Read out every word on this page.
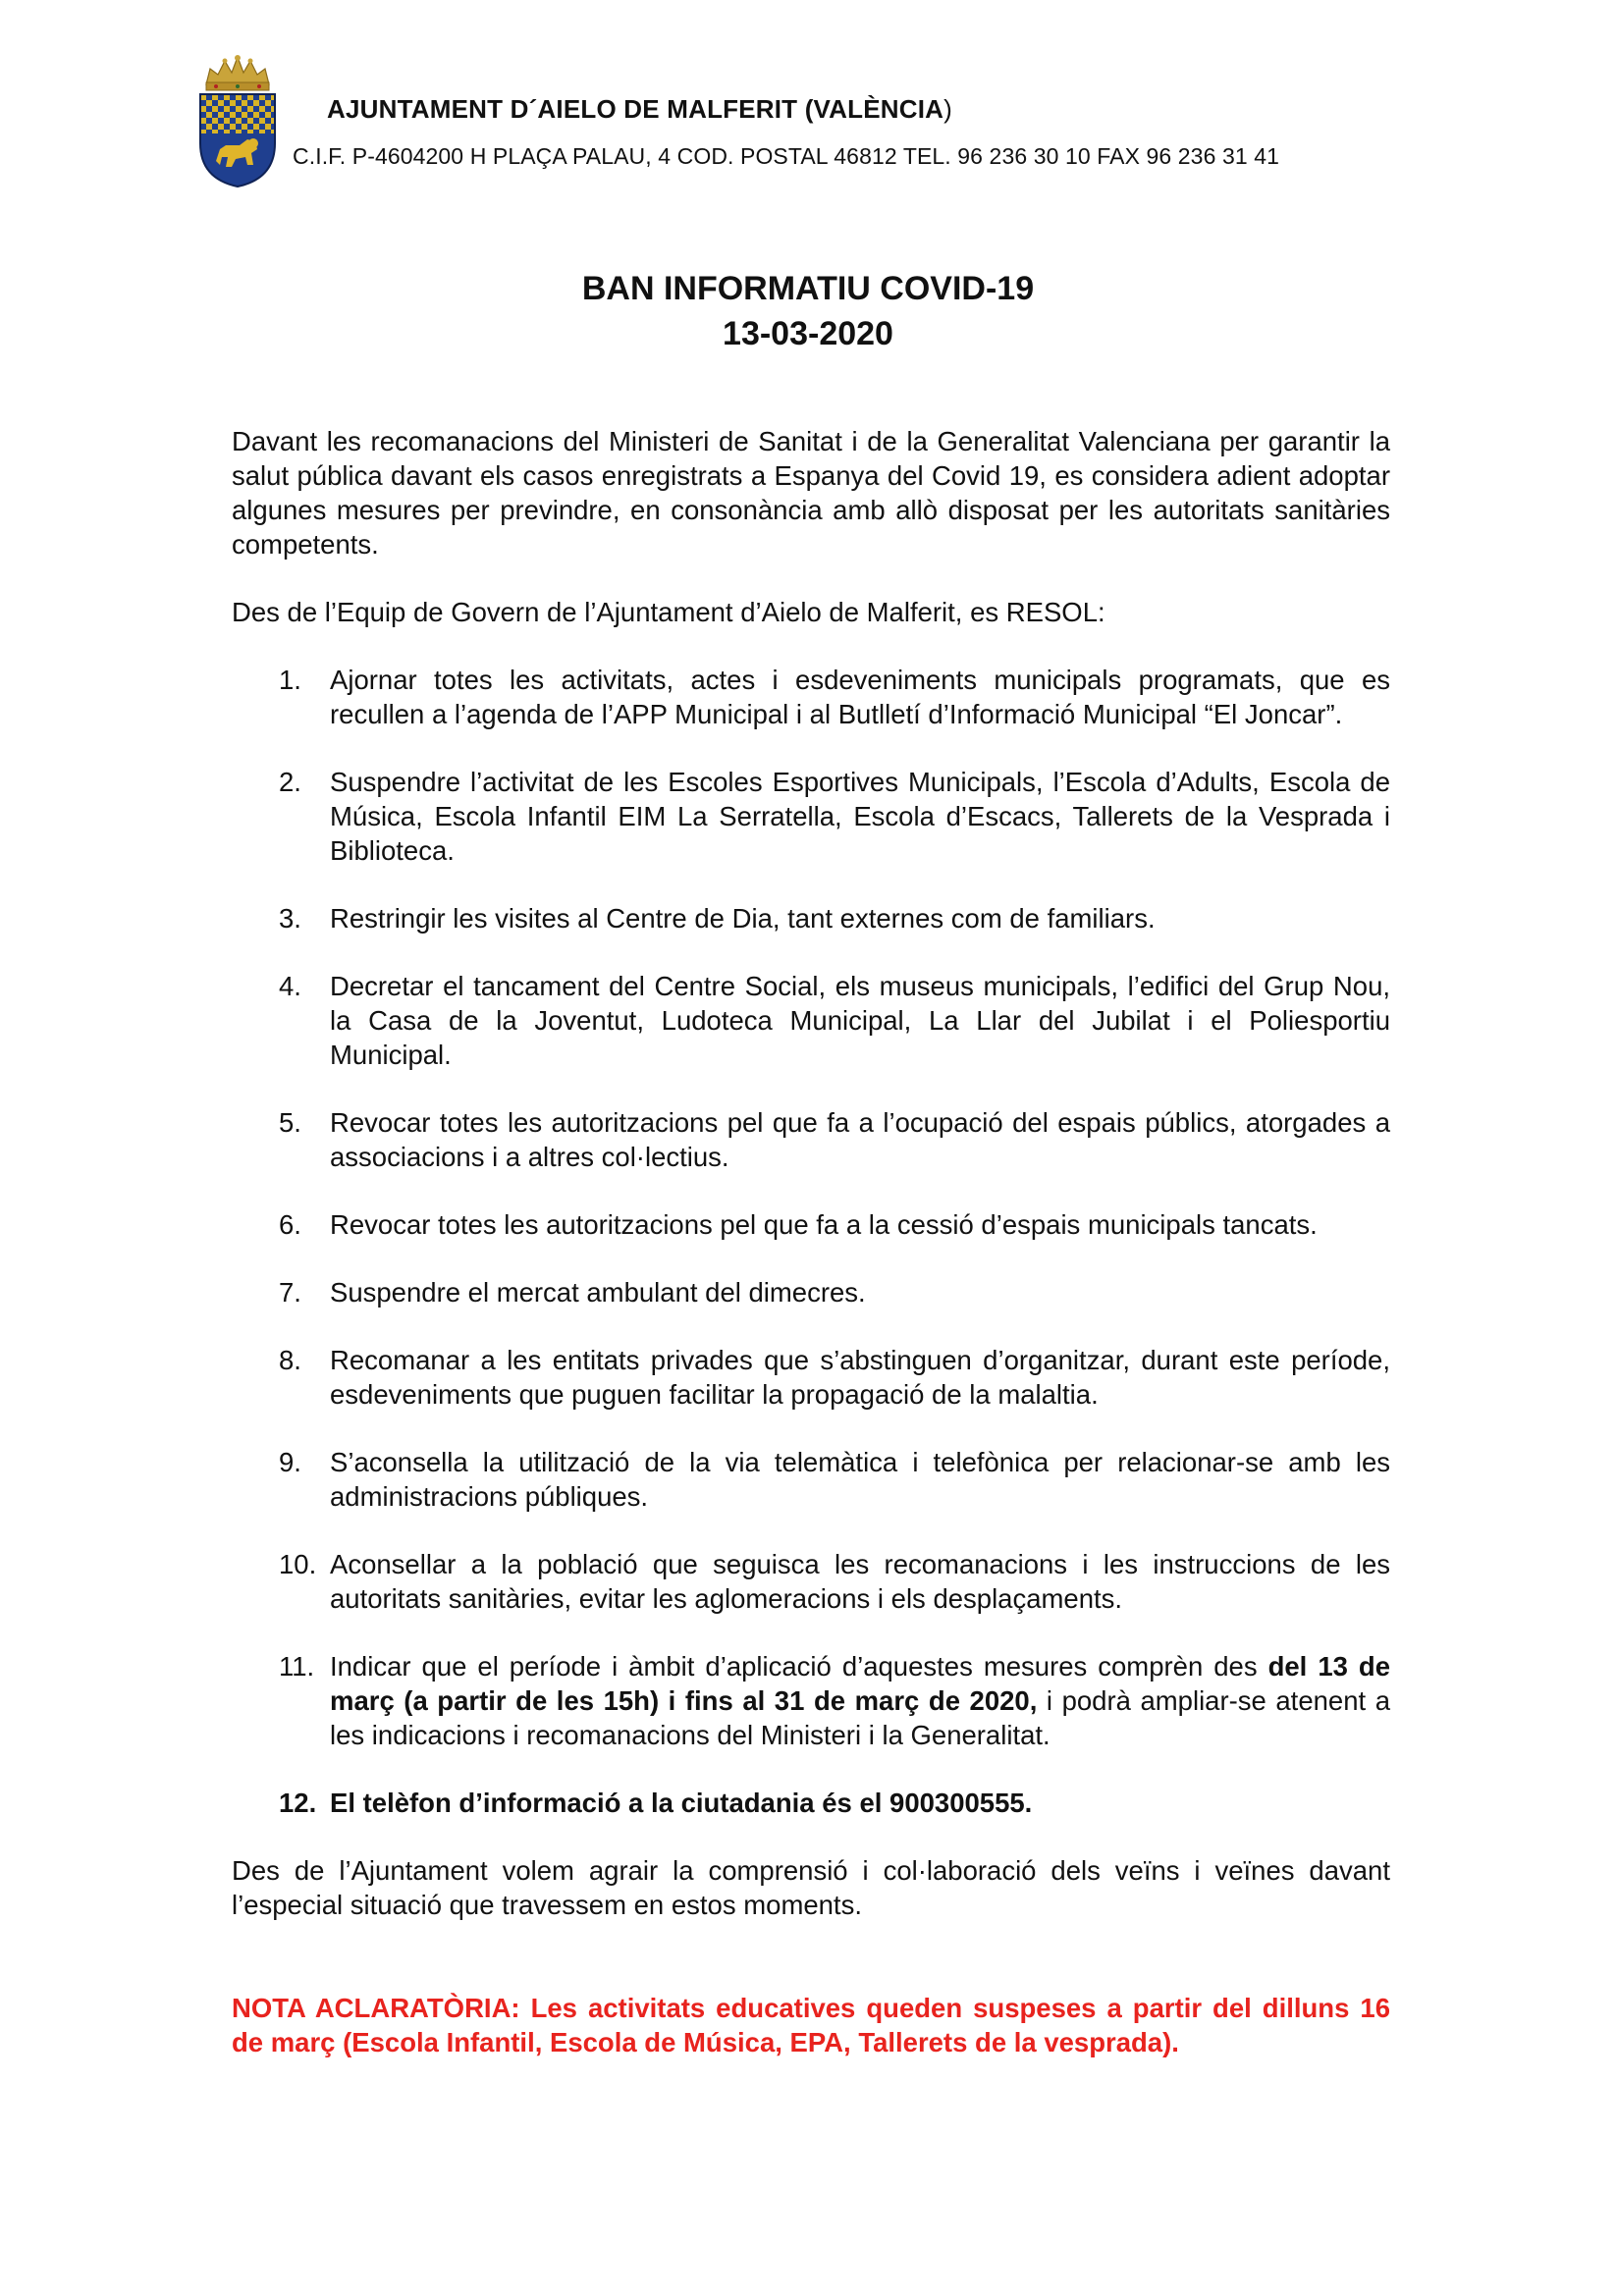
AJUNTAMENT D´AIELO DE MALFERIT (VALÈNCIA)
C.I.F. P-4604200 H PLAÇA PALAU, 4 COD. POSTAL 46812 TEL. 96 236 30 10 FAX 96 236 31 41
BAN INFORMATIU COVID-19
13-03-2020

Davant les recomanacions del Ministeri de Sanitat i de la Generalitat Valenciana per garantir la salut pública davant els casos enregistrats a Espanya del Covid 19, es considera adient adoptar algunes mesures per previndre, en consonància amb allò disposat per les autoritats sanitàries competents.

Des de l’Equip de Govern de l’Ajuntament d’Aielo de Malferit, es RESOL:

1.	Ajornar totes les activitats, actes i esdeveniments municipals programats, que es recullen a l’agenda de l’APP Municipal i al Butlletí d’Informació Municipal “El Joncar”.
2.	Suspendre l’activitat de les Escoles Esportives Municipals, l’Escola d’Adults, Escola de Música, Escola Infantil EIM La Serratella, Escola d’Escacs, Tallerets de la Vesprada i Biblioteca.
3.	Restringir les visites al Centre de Dia, tant externes com de familiars.
4.	Decretar el tancament del Centre Social, els museus municipals, l’edifici del Grup Nou, la Casa de la Joventut, Ludoteca Municipal, La Llar del Jubilat i el Poliesportiu Municipal.
5.	Revocar totes les autoritzacions pel que fa a l’ocupació del espais públics, atorgades a associacions i a altres col·lectius.
6.	Revocar totes les autoritzacions pel que fa a la cessió d’espais municipals tancats.
7.	Suspendre el mercat ambulant del dimecres.
8.	Recomanar a les entitats privades que s’abstinguen d’organitzar, durant este període, esdeveniments que puguen facilitar la propagació de la malaltia.
9.	S’aconsella la utilització de la via telemàtica i telefònica per relacionar-se amb les administracions públiques.
10. Aconsellar a la població que seguisca les recomanacions i les instruccions de les autoritats sanitàries, evitar les aglomeracions i els desplaçaments.
11. Indicar que el període i àmbit d’aplicació d’aquestes mesures comprèn des del 13 de març (a partir de les 15h) i fins al 31 de març de 2020, i podrà ampliar-se atenent a les indicacions i recomanacions del Ministeri i la Generalitat.
12. El telèfon d’informació a la ciutadania és el 900300555.

Des de l’Ajuntament volem agrair la comprensió i col·laboració dels veïns i veïnes davant l’especial situació que travessem en estos moments.

NOTA ACLARATÒRIA: Les activitats educatives queden suspeses a partir del dilluns 16 de març (Escola Infantil, Escola de Música, EPA, Tallerets de la vesprada).
